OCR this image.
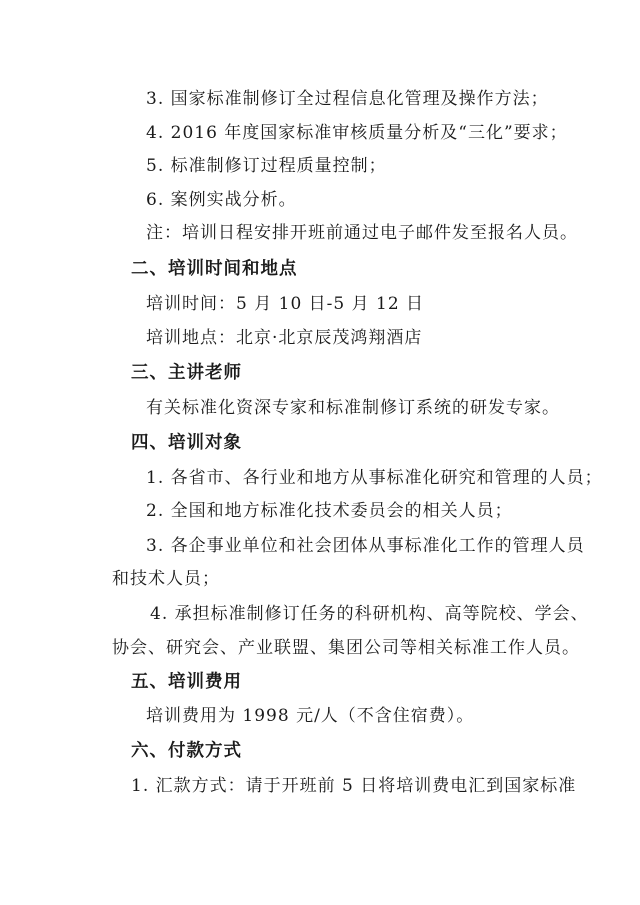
3. 国家标准制修订全过程信息化管理及操作方法；
4. 2016 年度国家标准审核质量分析及“三化”要求；
5. 标准制修订过程质量控制；
6. 案例实战分析。
注：培训日程安排开班前通过电子邮件发至报名人员。
二、培训时间和地点
培训时间：5 月 10 日-5 月 12 日
培训地点：北京·北京辰茂鸿翔酒店
三、主讲老师
有关标准化资深专家和标准制修订系统的研发专家。
四、培训对象
1. 各省市、各行业和地方从事标准化研究和管理的人员；
2. 全国和地方标准化技术委员会的相关人员；
3. 各企事业单位和社会团体从事标准化工作的管理人员
和技术人员；
4. 承担标准制修订任务的科研机构、高等院校、学会、
协会、研究会、产业联盟、集团公司等相关标准工作人员。
五、培训费用
培训费用为 1998 元/人（不含住宿费）。
六、付款方式
1. 汇款方式：请于开班前 5 日将培训费电汇到国家标准
